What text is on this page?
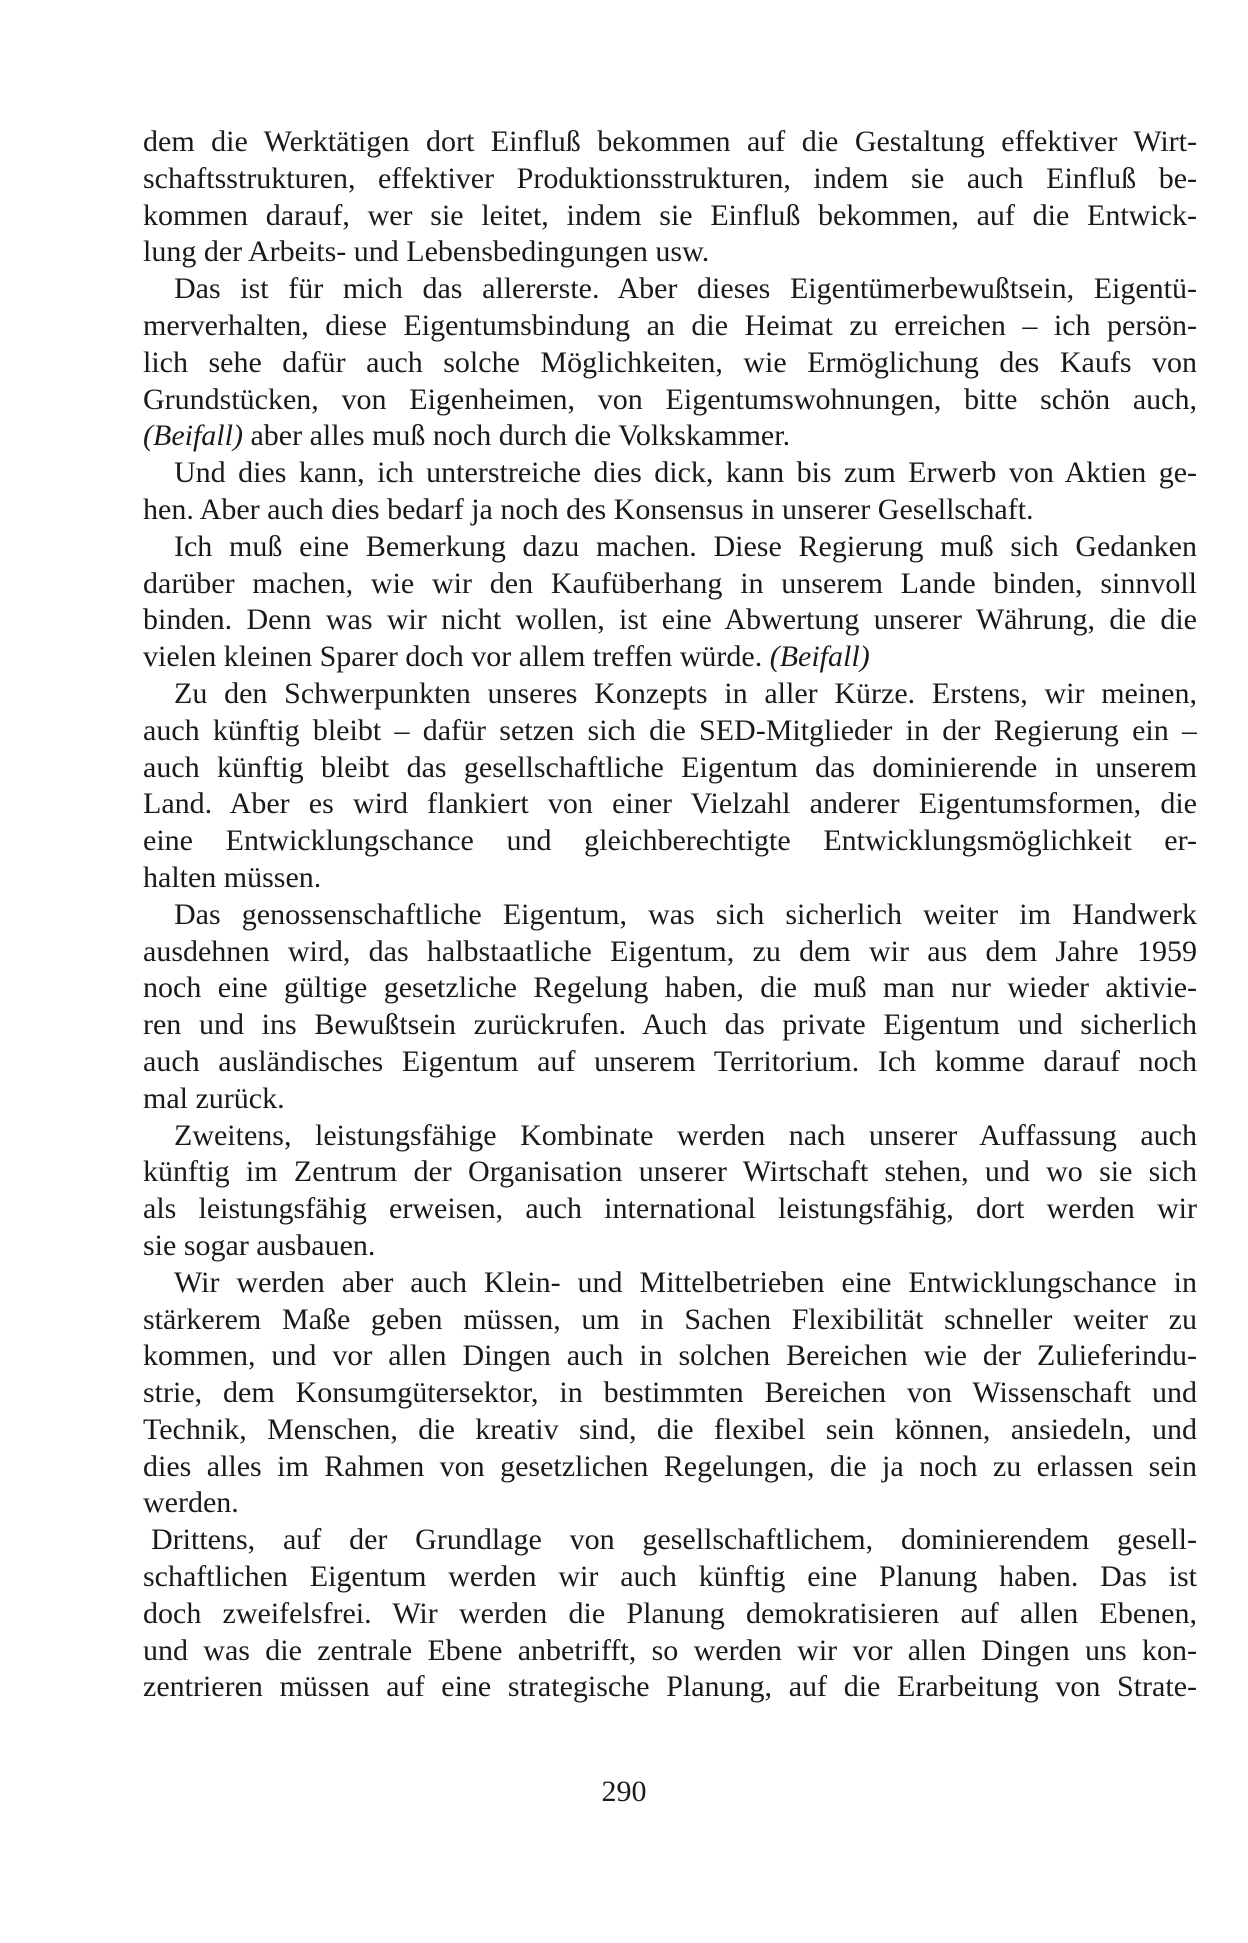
dem die Werktätigen dort Einfluß bekommen auf die Gestaltung effektiver Wirt-
schaftsstrukturen, effektiver Produktionsstrukturen, indem sie auch Einfluß be-
kommen darauf, wer sie leitet, indem sie Einfluß bekommen, auf die Entwick-
lung der Arbeits- und Lebensbedingungen usw.
Das ist für mich das allererste. Aber dieses Eigentümerbewußtsein, Eigentü-
merverhalten, diese Eigentumsbindung an die Heimat zu erreichen – ich persön-
lich sehe dafür auch solche Möglichkeiten, wie Ermöglichung des Kaufs von
Grundstücken, von Eigenheimen, von Eigentumswohnungen, bitte schön auch,
(Beifall) aber alles muß noch durch die Volkskammer.
Und dies kann, ich unterstreiche dies dick, kann bis zum Erwerb von Aktien ge-
hen. Aber auch dies bedarf ja noch des Konsensus in unserer Gesellschaft.
Ich muß eine Bemerkung dazu machen. Diese Regierung muß sich Gedanken
darüber machen, wie wir den Kaufüberhang in unserem Lande binden, sinnvoll
binden. Denn was wir nicht wollen, ist eine Abwertung unserer Währung, die die
vielen kleinen Sparer doch vor allem treffen würde. (Beifall)
Zu den Schwerpunkten unseres Konzepts in aller Kürze. Erstens, wir meinen,
auch künftig bleibt – dafür setzen sich die SED-Mitglieder in der Regierung ein –
auch künftig bleibt das gesellschaftliche Eigentum das dominierende in unserem
Land. Aber es wird flankiert von einer Vielzahl anderer Eigentumsformen, die
eine Entwicklungschance und gleichberechtigte Entwicklungsmöglichkeit er-
halten müssen.
Das genossenschaftliche Eigentum, was sich sicherlich weiter im Handwerk
ausdehnen wird, das halbstaatliche Eigentum, zu dem wir aus dem Jahre 1959
noch eine gültige gesetzliche Regelung haben, die muß man nur wieder aktivie-
ren und ins Bewußtsein zurückrufen. Auch das private Eigentum und sicherlich
auch ausländisches Eigentum auf unserem Territorium. Ich komme darauf noch
mal zurück.
Zweitens, leistungsfähige Kombinate werden nach unserer Auffassung auch
künftig im Zentrum der Organisation unserer Wirtschaft stehen, und wo sie sich
als leistungsfähig erweisen, auch international leistungsfähig, dort werden wir
sie sogar ausbauen.
Wir werden aber auch Klein- und Mittelbetrieben eine Entwicklungschance in
stärkerem Maße geben müssen, um in Sachen Flexibilität schneller weiter zu
kommen, und vor allen Dingen auch in solchen Bereichen wie der Zulieferindu-
strie, dem Konsumgütersektor, in bestimmten Bereichen von Wissenschaft und
Technik, Menschen, die kreativ sind, die flexibel sein können, ansiedeln, und
dies alles im Rahmen von gesetzlichen Regelungen, die ja noch zu erlassen sein
werden.
Drittens, auf der Grundlage von gesellschaftlichem, dominierendem gesell-
schaftlichen Eigentum werden wir auch künftig eine Planung haben. Das ist
doch zweifelsfrei. Wir werden die Planung demokratisieren auf allen Ebenen,
und was die zentrale Ebene anbetrifft, so werden wir vor allen Dingen uns kon-
zentrieren müssen auf eine strategische Planung, auf die Erarbeitung von Strate-
290
